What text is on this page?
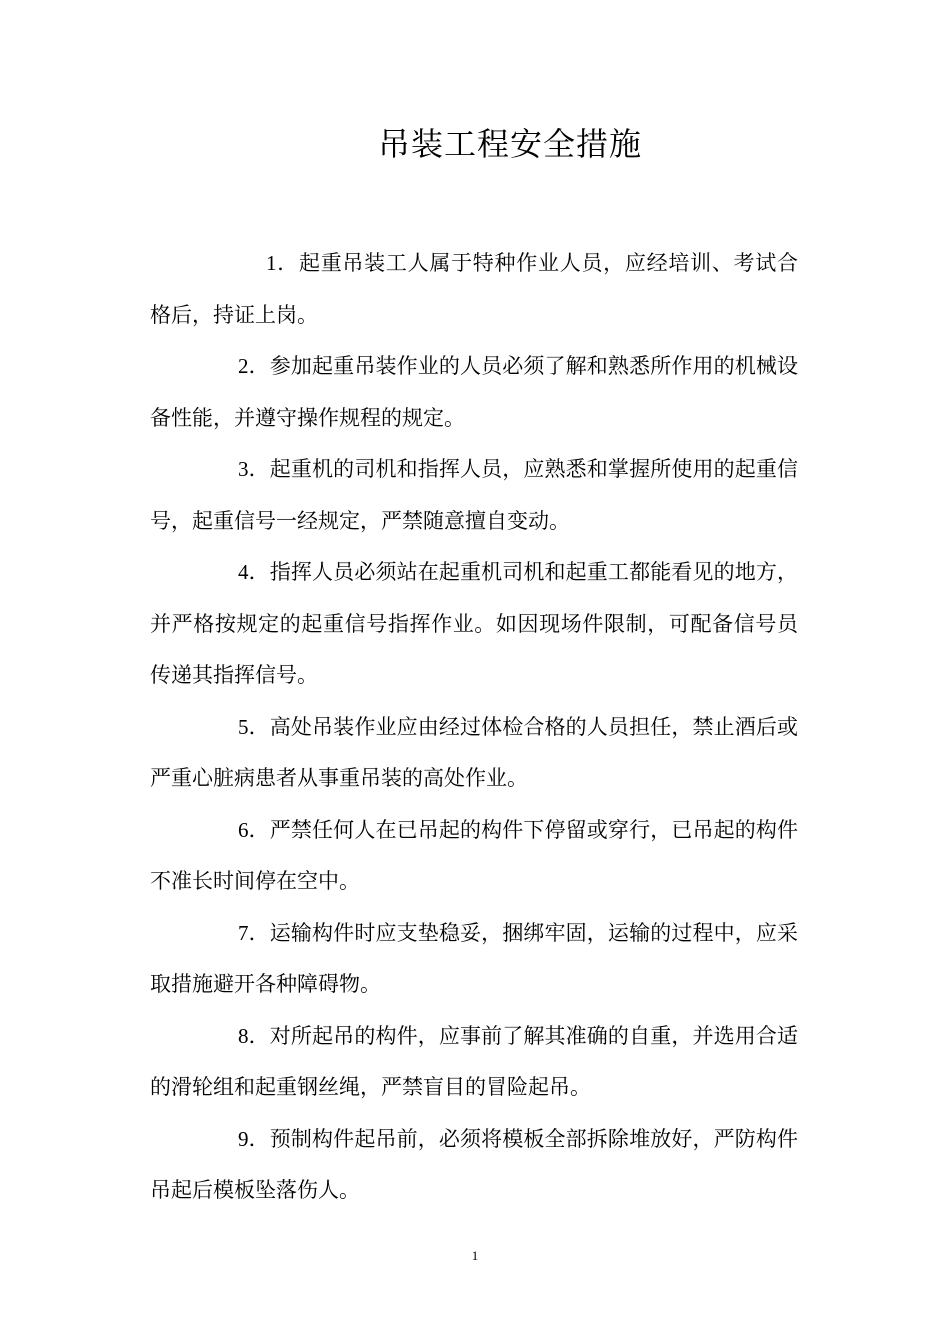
吊装工程安全措施

1．起重吊装工人属于特种作业人员，应经培训、考试合格后，持证上岗。

2．参加起重吊装作业的人员必须了解和熟悉所作用的机械设备性能，并遵守操作规程的规定。

3．起重机的司机和指挥人员，应熟悉和掌握所使用的起重信号，起重信号一经规定，严禁随意擅自变动。

4．指挥人员必须站在起重机司机和起重工都能看见的地方，并严格按规定的起重信号指挥作业。如因现场件限制，可配备信号员传递其指挥信号。

5．高处吊装作业应由经过体检合格的人员担任，禁止酒后或严重心脏病患者从事重吊装的高处作业。

6．严禁任何人在已吊起的构件下停留或穿行，已吊起的构件不准长时间停在空中。

7．运输构件时应支垫稳妥，捆绑牢固，运输的过程中，应采取措施避开各种障碍物。

8．对所起吊的构件，应事前了解其准确的自重，并选用合适的滑轮组和起重钢丝绳，严禁盲目的冒险起吊。

9．预制构件起吊前，必须将模板全部拆除堆放好，严防构件吊起后模板坠落伤人。

1
